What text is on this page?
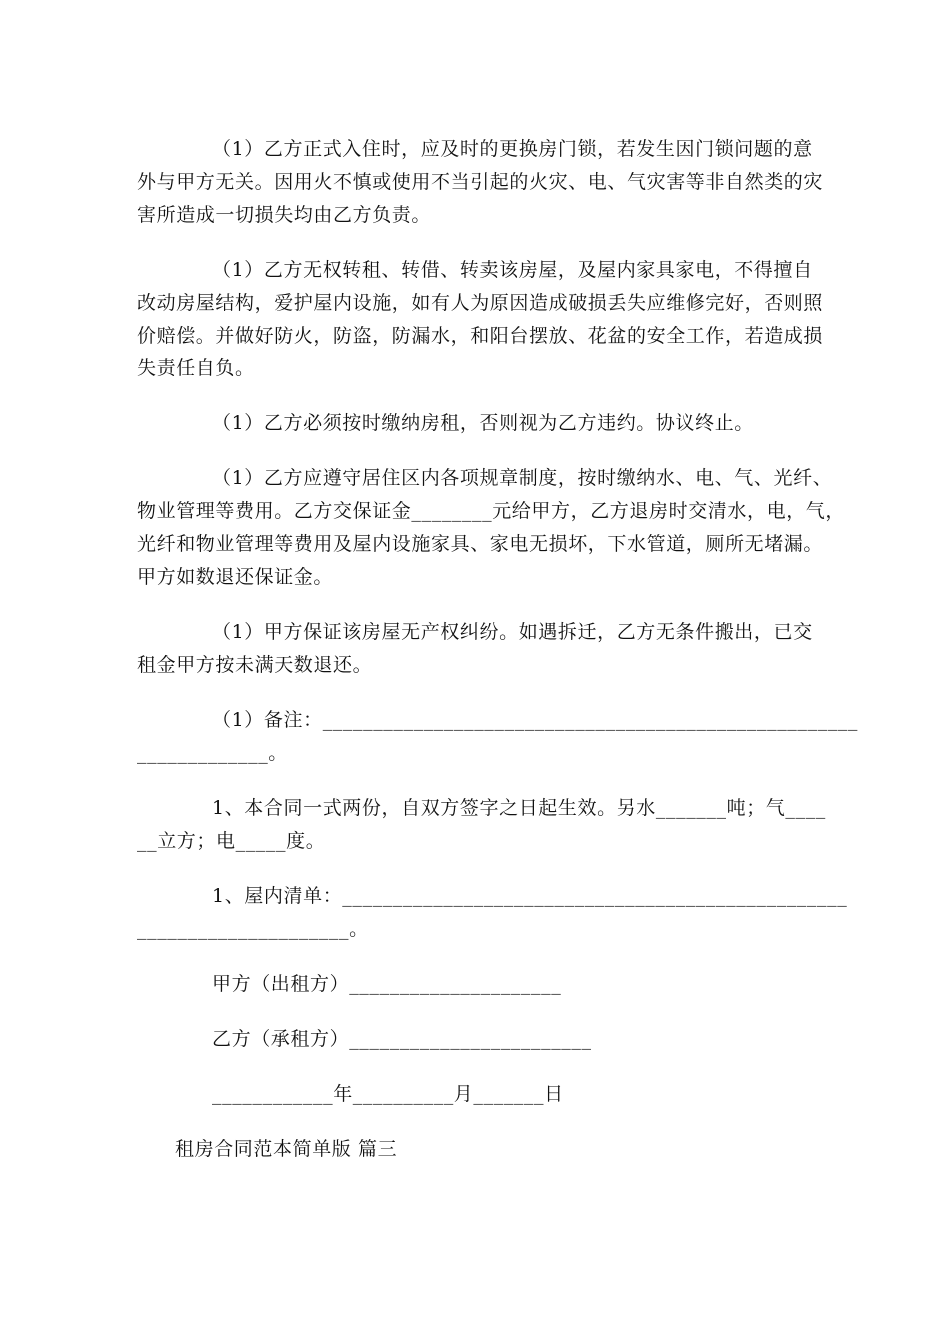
（1）乙方正式入住时，应及时的更换房门锁，若发生因门锁问题的意
外与甲方无关。因用火不慎或使用不当引起的火灾、电、气灾害等非自然类的灾
害所造成一切损失均由乙方负责。
（1）乙方无权转租、转借、转卖该房屋，及屋内家具家电，不得擅自
改动房屋结构，爱护屋内设施，如有人为原因造成破损丢失应维修完好，否则照
价赔偿。并做好防火，防盗，防漏水，和阳台摆放、花盆的安全工作，若造成损
失责任自负。
（1）乙方必须按时缴纳房租，否则视为乙方违约。协议终止。
（1）乙方应遵守居住区内各项规章制度，按时缴纳水、电、气、光纤、
物业管理等费用。乙方交保证金________元给甲方，乙方退房时交清水，电，气，
光纤和物业管理等费用及屋内设施家具、家电无损坏，下水管道，厕所无堵漏。
甲方如数退还保证金。
（1）甲方保证该房屋无产权纠纷。如遇拆迁，乙方无条件搬出，已交
租金甲方按未满天数退还。
（1）备注：_____________________________________________________
_____________。
1、本合同一式两份，自双方签字之日起生效。另水_______吨；气____
__立方；电_____度。
1、屋内清单：__________________________________________________
_____________________。
甲方（出租方）_____________________
乙方（承租方）________________________
____________年__________月_______日
租房合同范本简单版 篇三
